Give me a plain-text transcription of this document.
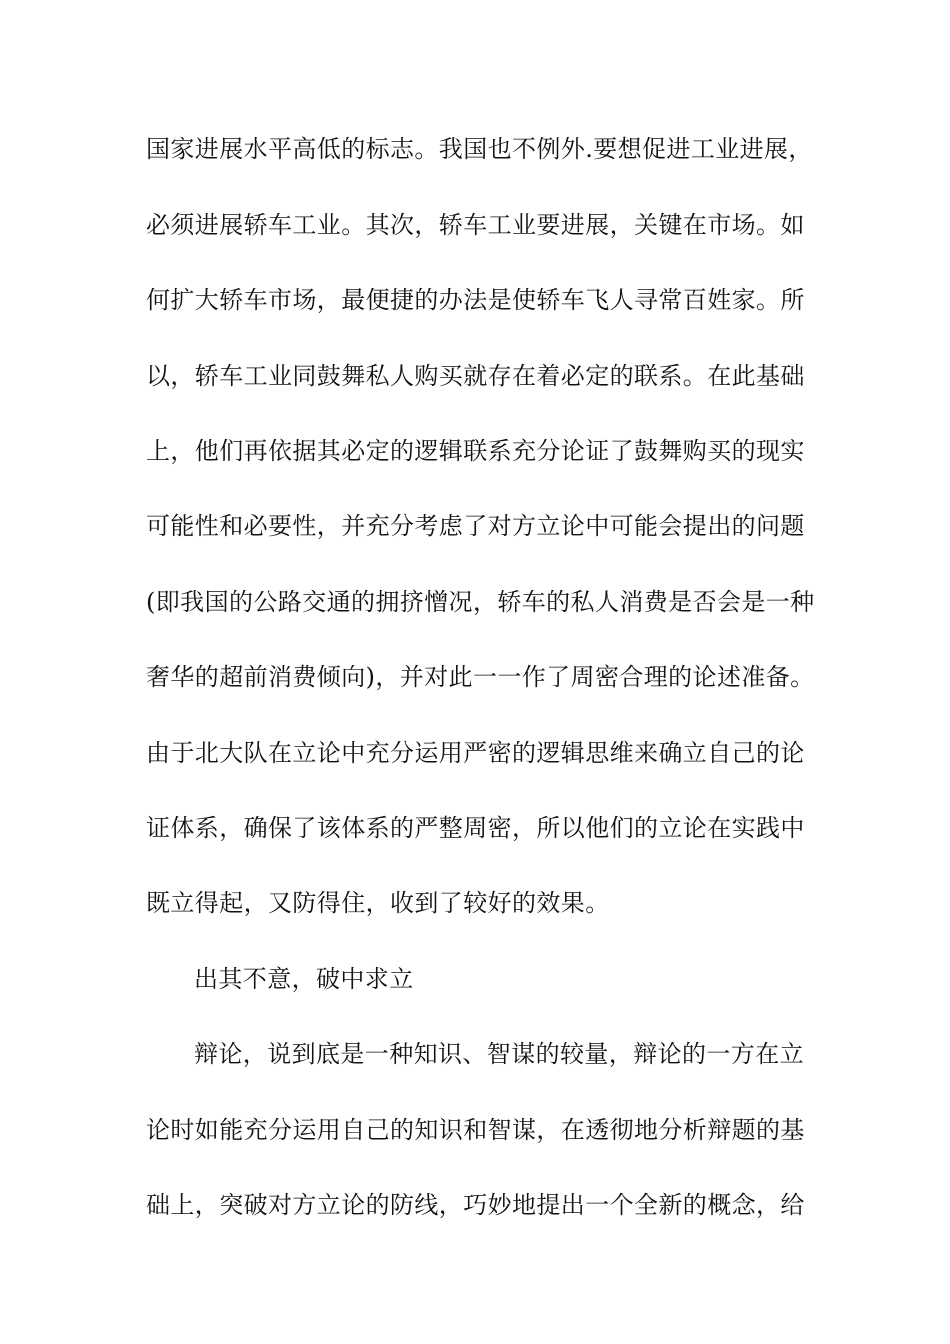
国家进展水平高低的标志。我国也不例外.要想促进工业进展，
必须进展轿车工业。其次，轿车工业要进展，关键在市场。如
何扩大轿车市场，最便捷的办法是使轿车飞人寻常百姓家。所
以，轿车工业同鼓舞私人购买就存在着必定的联系。在此基础
上，他们再依据其必定的逻辑联系充分论证了鼓舞购买的现实
可能性和必要性，并充分考虑了对方立论中可能会提出的问题
(即我国的公路交通的拥挤憎况，轿车的私人消费是否会是一种
奢华的超前消费倾向)，并对此一一作了周密合理的论述准备。
由于北大队在立论中充分运用严密的逻辑思维来确立自己的论
证体系，确保了该体系的严整周密，所以他们的立论在实践中
既立得起，又防得住，收到了较好的效果。
出其不意，破中求立
辩论，说到底是一种知识、智谋的较量，辩论的一方在立
论时如能充分运用自己的知识和智谋，在透彻地分析辩题的基
础上，突破对方立论的防线，巧妙地提出一个全新的概念，给
